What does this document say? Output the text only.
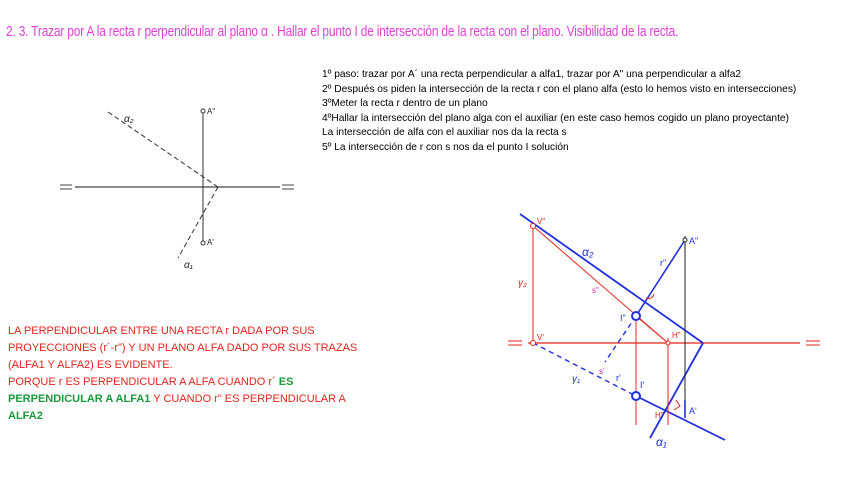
2. 3. Trazar por A la recta r perpendicular al plano α . Hallar el punto I de intersección de la recta con el plano. Visibilidad de la recta.
1º paso: trazar por A´ una recta perpendicular a alfa1, trazar por A" una perpendicular a alfa2
2º Después os piden la intersección de la recta r con el plano alfa (esto lo hemos visto en intersecciones)
3ºMeter la recta r dentro de un plano
4ºHallar la intersección del plano alga con el auxiliar (en este caso hemos cogido un plano proyectante)
La intersección de alfa con el auxiliar nos da la recta s
5º La intersección de r con s nos da el punto I solución
LA PERPENDICULAR ENTRE UNA RECTA r DADA POR SUS PROYECCIONES (r´-r") Y UN PLANO ALFA DADO POR SUS TRAZAS (ALFA1 Y ALFA2) ES EVIDENTE.
PORQUE r ES PERPENDICULAR A ALFA CUANDO r´ ES PERPENDICULAR A ALFA1 Y CUANDO r" ES PERPENDICULAR A
ALFA2
α₂
α₁
A"
A'
V"
V'
α₂
γ₂
γ₁
α₁
A"
A'
r"
r'
s"
s'
I"
I'
H"
H"
